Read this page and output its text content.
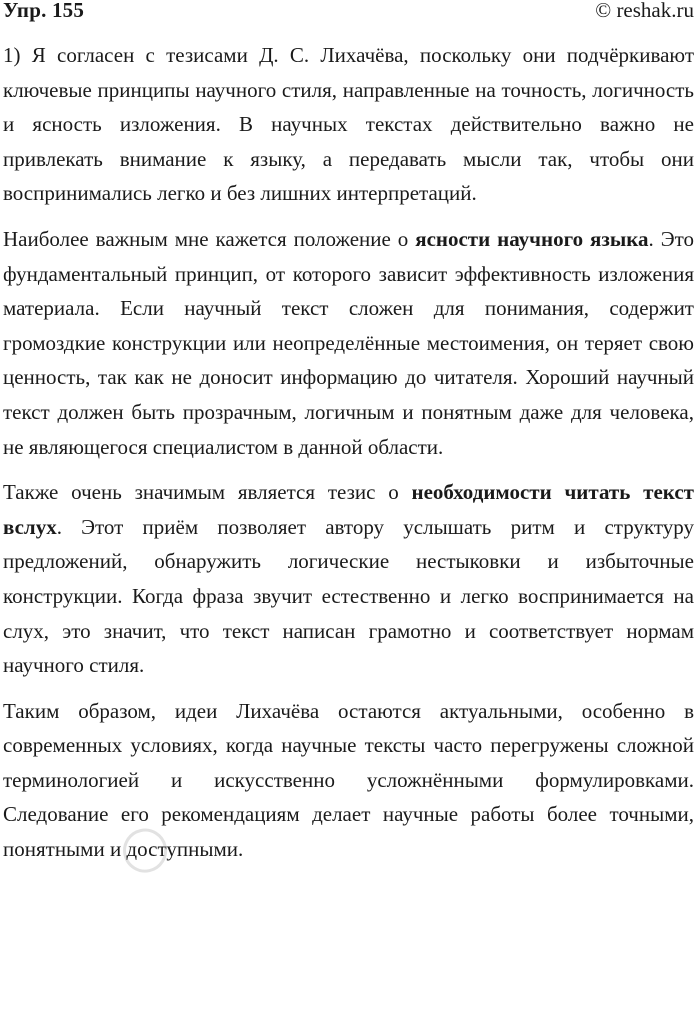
Упр. 155	© reshak.ru

1) Я согласен с тезисами Д. С. Лихачёва, поскольку они подчёркивают ключевые принципы научного стиля, направленные на точность, логичность и ясность изложения. В научных текстах действительно важно не привлекать внимание к языку, а передавать мысли так, чтобы они воспринимались легко и без лишних интерпретаций.

Наиболее важным мне кажется положение о ясности научного языка. Это фундаментальный принцип, от которого зависит эффективность изложения материала. Если научный текст сложен для понимания, содержит громоздкие конструкции или неопределённые местоимения, он теряет свою ценность, так как не доносит информацию до читателя. Хороший научный текст должен быть прозрачным, логичным и понятным даже для человека, не являющегося специалистом в данной области.

Также очень значимым является тезис о необходимости читать текст вслух. Этот приём позволяет автору услышать ритм и структуру предложений, обнаружить логические нестыковки и избыточные конструкции. Когда фраза звучит естественно и легко воспринимается на слух, это значит, что текст написан грамотно и соответствует нормам научного стиля.

Таким образом, идеи Лихачёва остаются актуальными, особенно в современных условиях, когда научные тексты часто перегружены сложной терминологией и искусственно усложнёнными формулировками. Следование его рекомендациям делает научные работы более точными, понятными и доступными.
